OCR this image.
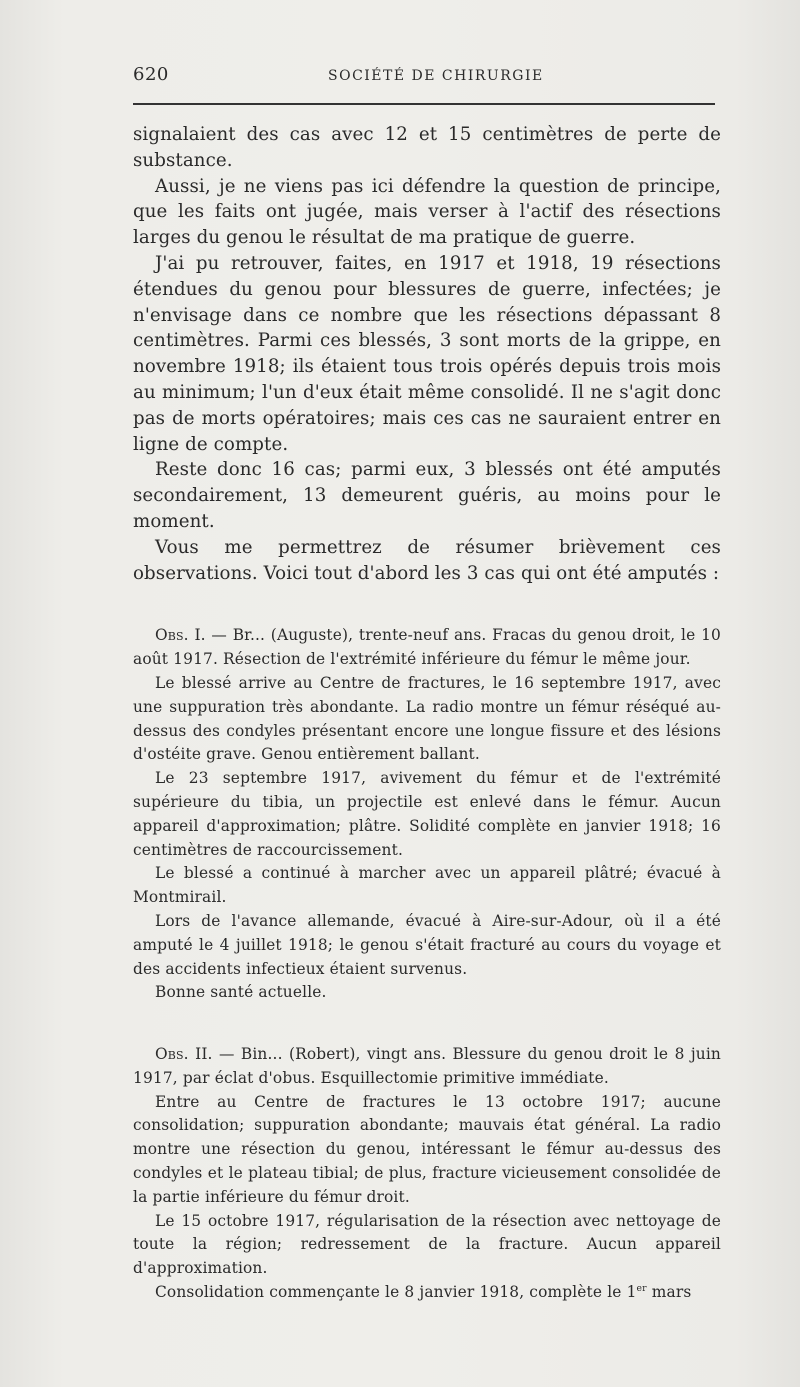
620	SOCIÉTÉ DE CHIRURGIE

signalaient des cas avec 12 et 15 centimètres de perte de substance.

Aussi, je ne viens pas ici défendre la question de principe, que les faits ont jugée, mais verser à l'actif des résections larges du genou le résultat de ma pratique de guerre.

J'ai pu retrouver, faites, en 1917 et 1918, 19 résections étendues du genou pour blessures de guerre, infectées; je n'envisage dans ce nombre que les résections dépassant 8 centimètres. Parmi ces blessés, 3 sont morts de la grippe, en novembre 1918; ils étaient tous trois opérés depuis trois mois au minimum; l'un d'eux était même consolidé. Il ne s'agit donc pas de morts opératoires; mais ces cas ne sauraient entrer en ligne de compte.

Reste donc 16 cas; parmi eux, 3 blessés ont été amputés secondairement, 13 demeurent guéris, au moins pour le moment.

Vous me permettrez de résumer brièvement ces observations. Voici tout d'abord les 3 cas qui ont été amputés :

Obs. I. — Br... (Auguste), trente-neuf ans. Fracas du genou droit, le 10 août 1917. Résection de l'extrémité inférieure du fémur le même jour.

Le blessé arrive au Centre de fractures, le 16 septembre 1917, avec une suppuration très abondante. La radio montre un fémur réséqué au-dessus des condyles présentant encore une longue fissure et des lésions d'ostéite grave. Genou entièrement ballant.

Le 23 septembre 1917, avivement du fémur et de l'extrémité supérieure du tibia, un projectile est enlevé dans le fémur. Aucun appareil d'approximation; plâtre. Solidité complète en janvier 1918; 16 centimètres de raccourcissement.

Le blessé a continué à marcher avec un appareil plâtré; évacué à Montmirail.

Lors de l'avance allemande, évacué à Aire-sur-Adour, où il a été amputé le 4 juillet 1918; le genou s'était fracturé au cours du voyage et des accidents infectieux étaient survenus.

Bonne santé actuelle.

Obs. II. — Bin... (Robert), vingt ans. Blessure du genou droit le 8 juin 1917, par éclat d'obus. Esquillectomie primitive immédiate.

Entre au Centre de fractures le 13 octobre 1917; aucune consolidation; suppuration abondante; mauvais état général. La radio montre une résection du genou, intéressant le fémur au-dessus des condyles et le plateau tibial; de plus, fracture vicieusement consolidée de la partie inférieure du fémur droit.

Le 15 octobre 1917, régularisation de la résection avec nettoyage de toute la région; redressement de la fracture. Aucun appareil d'approximation.

Consolidation commençante le 8 janvier 1918, complète le 1er mars
